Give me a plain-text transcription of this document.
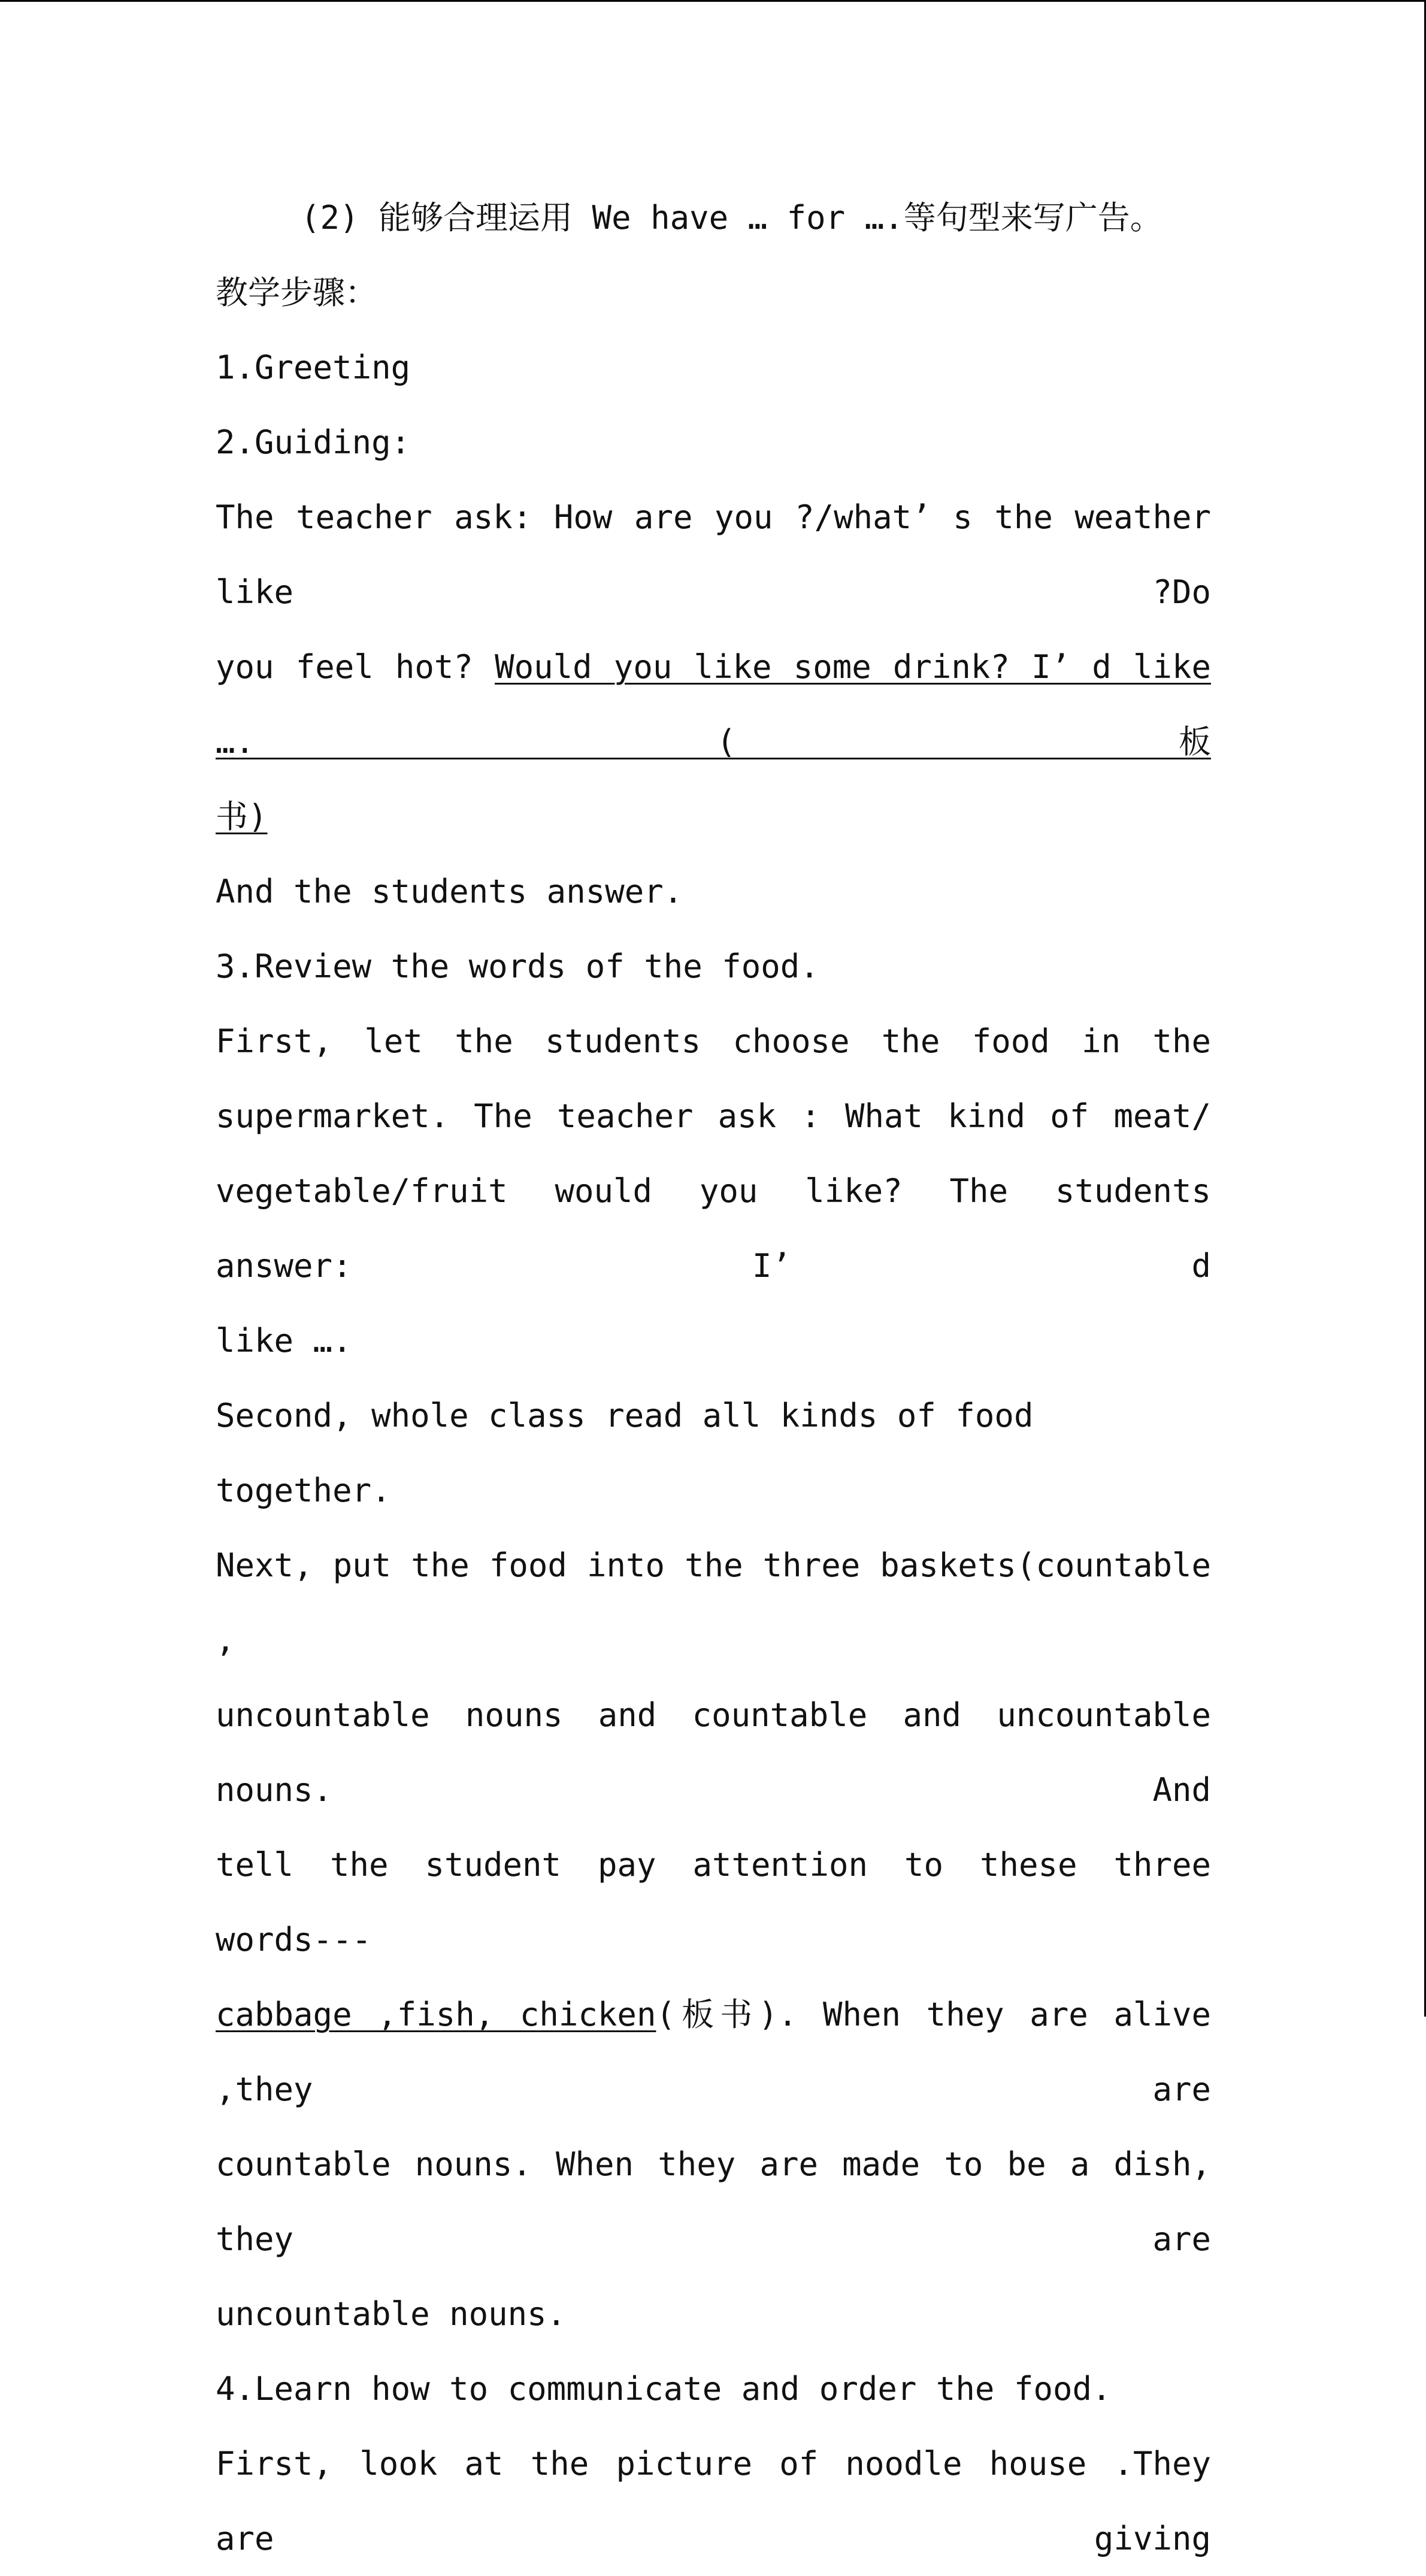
(2) 能够合理运用 We have … for ….等句型来写广告。

教学步骤：

1.Greeting

2.Guiding:

The teacher ask: How are you ?/what’ s the weather like ?Do

you feel hot? Would you like some drink? I’ d like …. (板

书)

And the students answer.

3.Review the words of the food.

First, let the students choose the food in the

supermarket. The teacher ask : What kind of meat/

vegetable/fruit would you like? The students answer: I’ d

like ….

Second, whole class read all kinds of food together.

Next, put the food into the three baskets(countable ,

uncountable nouns and countable and uncountable nouns. And

tell the student pay attention to these three words---

cabbage ,fish, chicken(板书). When they are alive ,they are

countable nouns. When they are made to be a dish, they are

uncountable nouns.

4.Learn how to communicate and order the food.

First, look at the picture of noodle house .They are giving
